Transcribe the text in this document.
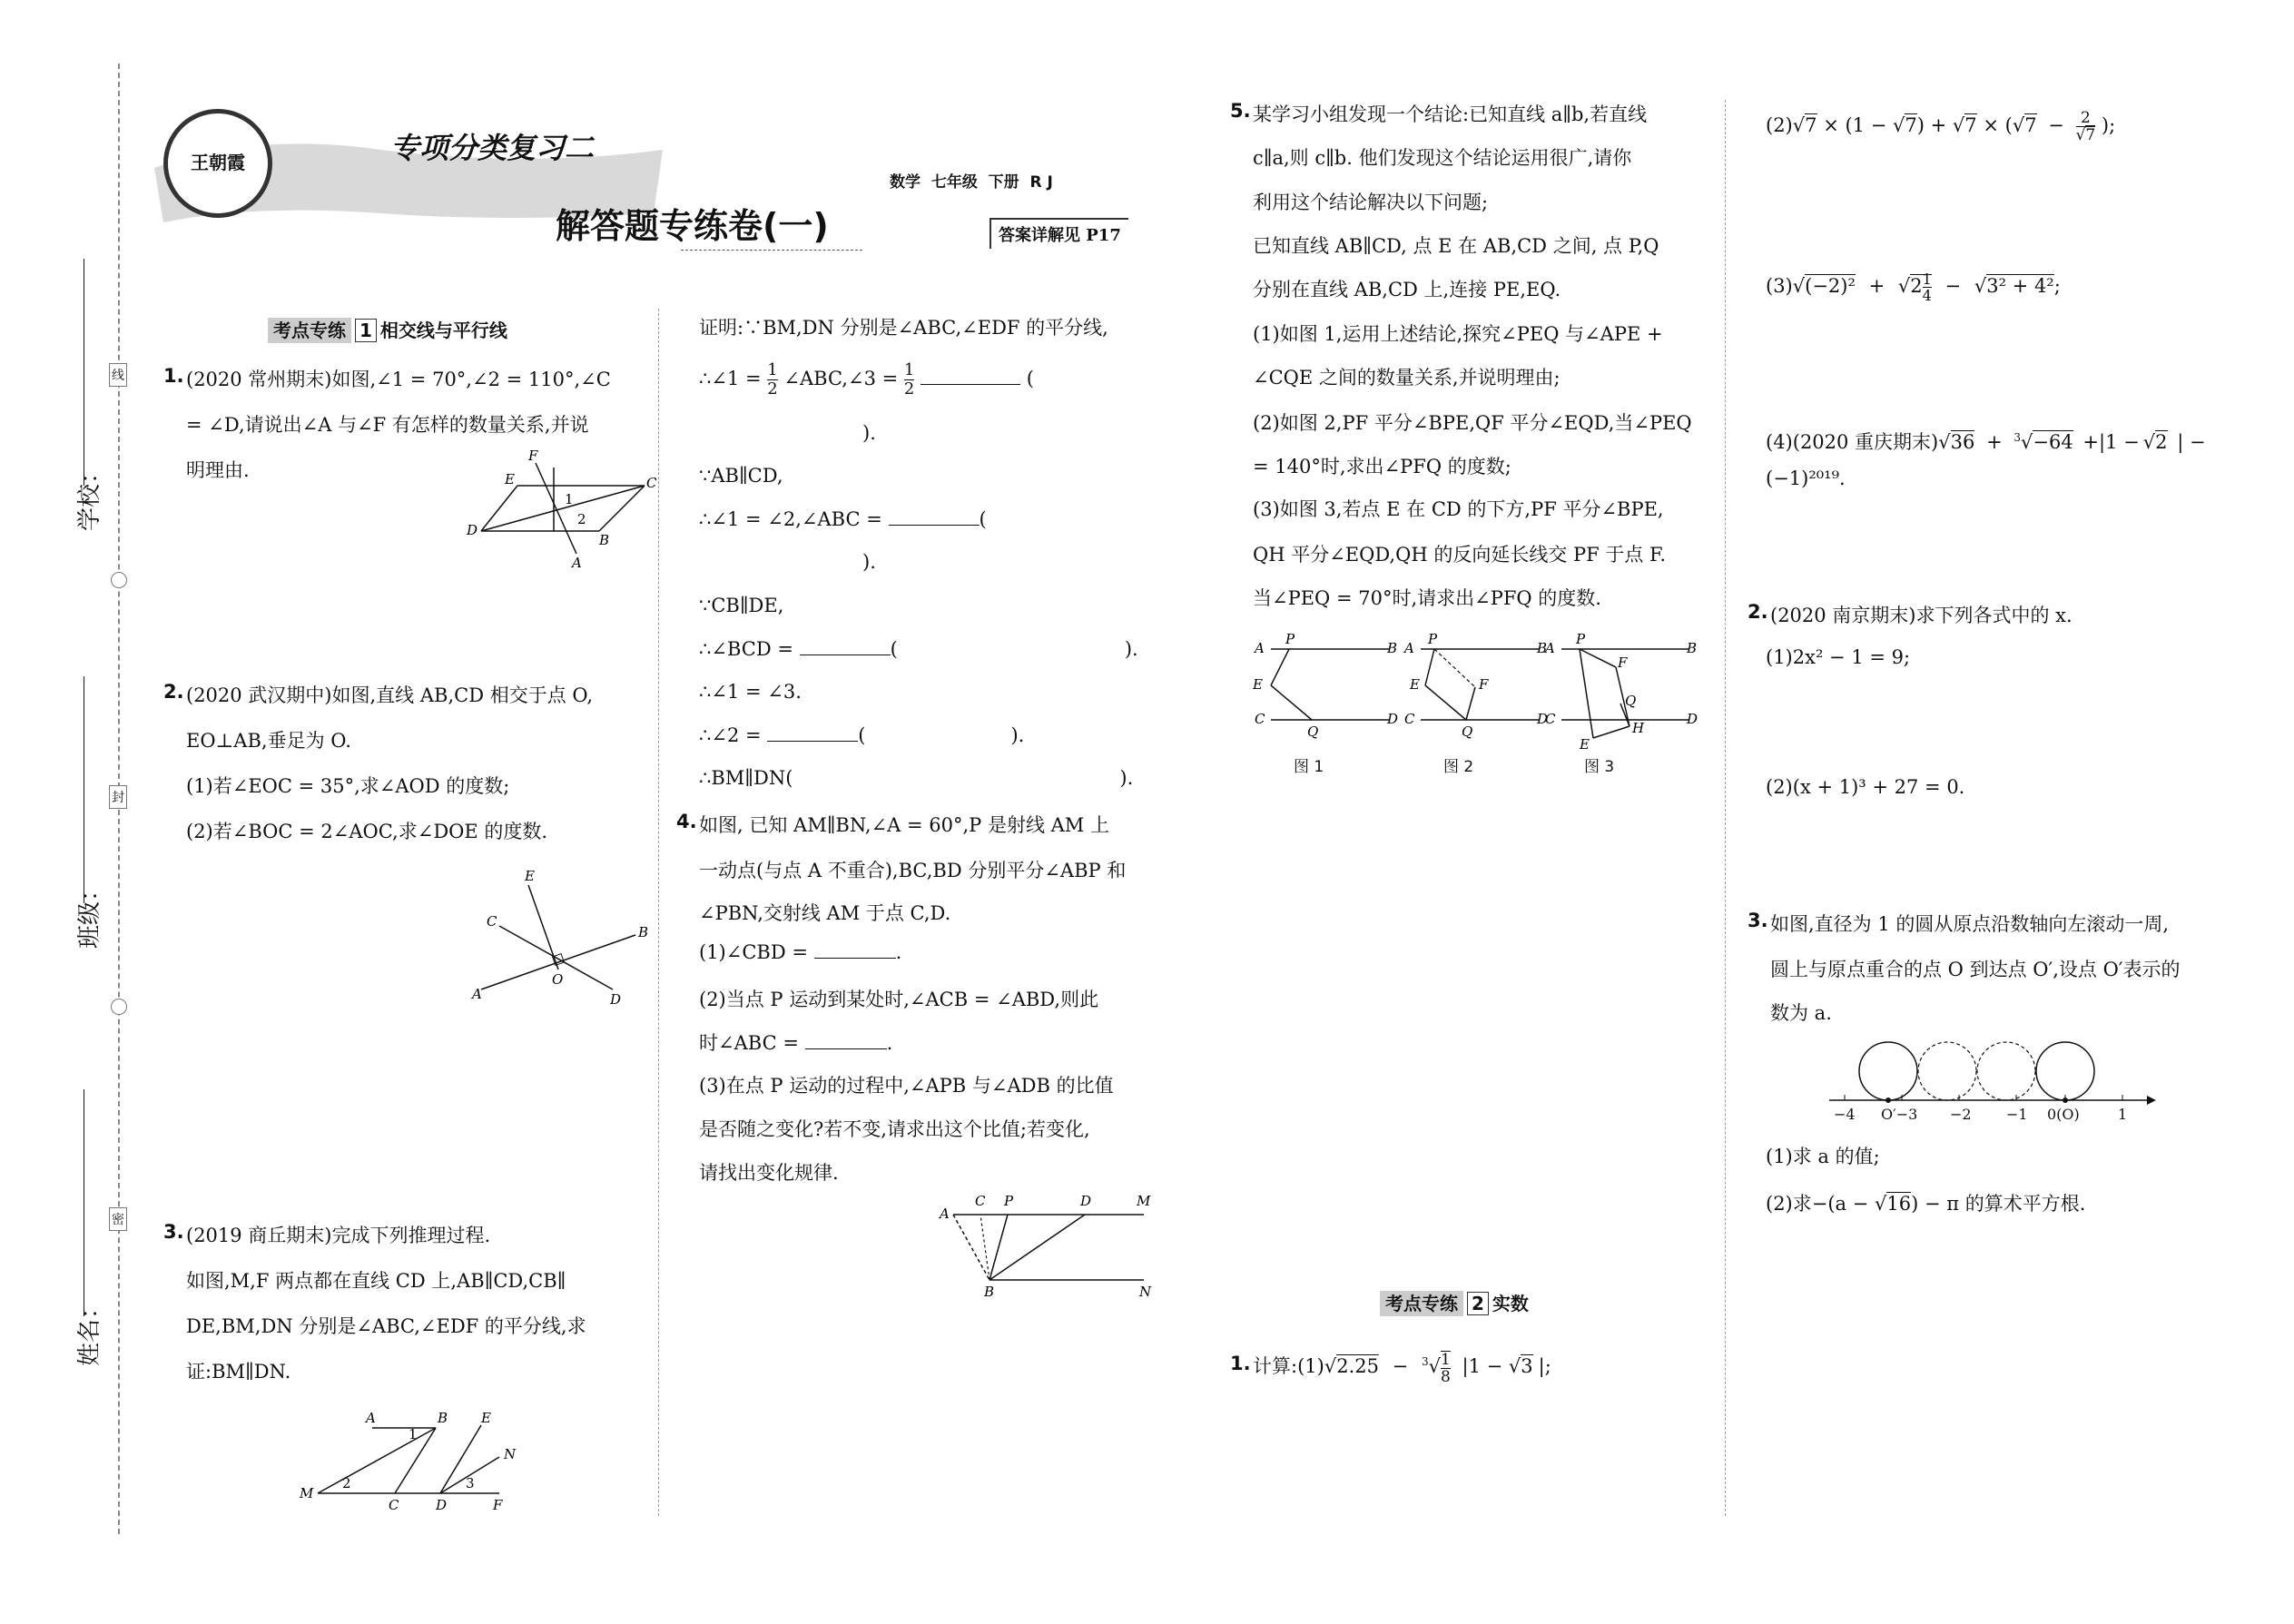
学校：
班级：
姓名：
线
封
密
王朝霞	专项分类复习二
解答题专练卷(一)
数学  七年级  下册  R J
答案详解见 P17
考点专练 1 相交线与平行线
1. (2020 常州期末)如图,∠1 = 70°,∠2 = 110°,∠C
= ∠D,请说出∠A 与∠F 有怎样的数量关系,并说
明理由.
F
E	C
D
A
B
1
2
2. (2020 武汉期中)如图,直线 AB,CD 相交于点 O,
EO⊥AB,垂足为 O.
(1)若∠EOC = 35°,求∠AOD 的度数;
(2)若∠BOC = 2∠AOC,求∠DOE 的度数.
E
C
B
A	D
O
3. (2019 商丘期末)完成下列推理过程.
如图,M,F 两点都在直线 CD 上,AB∥CD,CB∥
DE,BM,DN 分别是∠ABC,∠EDF 的平分线,求
证:BM∥DN.
A	B E
N
M
C	D	F
1
2	3
证明:∵BM,DN 分别是∠ABC,∠EDF 的平分线,
∴∠1 = $\frac{1}{2}$ ∠ABC,∠3 = $\frac{1}{2}$	(
).
∵AB∥CD,
∴∠1 = ∠2,∠ABC =	(
).
∵CB∥DE,
∴∠BCD =	(	).
∴∠1 = ∠3.
∴∠2 =	(	).
∴BM∥DN(	).
4. 如图, 已知 AM∥BN,∠A = 60°,P 是射线 AM 上
一动点(与点 A 不重合),BC,BD 分别平分∠ABP 和
∠PBN,交射线 AM 于点 C,D.
(1)∠CBD =	.
(2)当点 P 运动到某处时,∠ACB = ∠ABD,则此
时∠ABC =	.
(3)在点 P 运动的过程中,∠APB 与∠ADB 的比值
是否随之变化?若不变,请求出这个比值;若变化,
请找出变化规律.
A
C P	D	M
B	N
5. 某学习小组发现一个结论:已知直线 a∥b,若直线
c∥a,则 c∥b. 他们发现这个结论运用很广,请你
利用这个结论解决以下问题;
已知直线 AB∥CD, 点 E 在 AB,CD 之间, 点 P,Q
分别在直线 AB,CD 上,连接 PE,EQ.
(1)如图 1,运用上述结论,探究∠PEQ 与∠APE +
∠CQE 之间的数量关系,并说明理由;
(2)如图 2,PF 平分∠BPE,QF 平分∠EQD,当∠PEQ
= 140°时,求出∠PFQ 的度数;
(3)如图 3,若点 E 在 CD 的下方,PF 平分∠BPE,
QH 平分∠EQD,QH 的反向延长线交 PF 于点 F.
当∠PEQ = 70°时,请求出∠PFQ 的度数.
A
P
B
E
C
Q
D
图 1
A
P
B
E	F
C
Q
D
图 2
A
P
B
F
Q
C
H
E
D
图 3
考点专练 2 实数
1. 计算:(1)√2.25 − $^3√ \frac{1}{8} |1 - √3$ |;
$(2)√7 \times (1 - √7) + √7 \times (√7 - \frac{2}{√7}$ );
$(3)√(-2)^2 + √2 \frac{1}{4} - √3^2 + 4^2$;
(4)(2020 重庆期末)√36 + $^3$√−64 +|1 − √2 | −
(−1)²⁰¹⁹.
2. (2020 南京期末)求下列各式中的 x.
(1)2x² − 1 = 9;
(2)(x + 1)³ + 27 = 0.
3. 如图,直径为 1 的圆从原点沿数轴向左滚动一周,
圆上与原点重合的点 O 到达点 O′,设点 O′表示的
数为 a.
−4 O′−3 −2 −1 0(O)	1
(1)求 a 的值;
(2)求−(a − √16) − π 的算术平方根.
